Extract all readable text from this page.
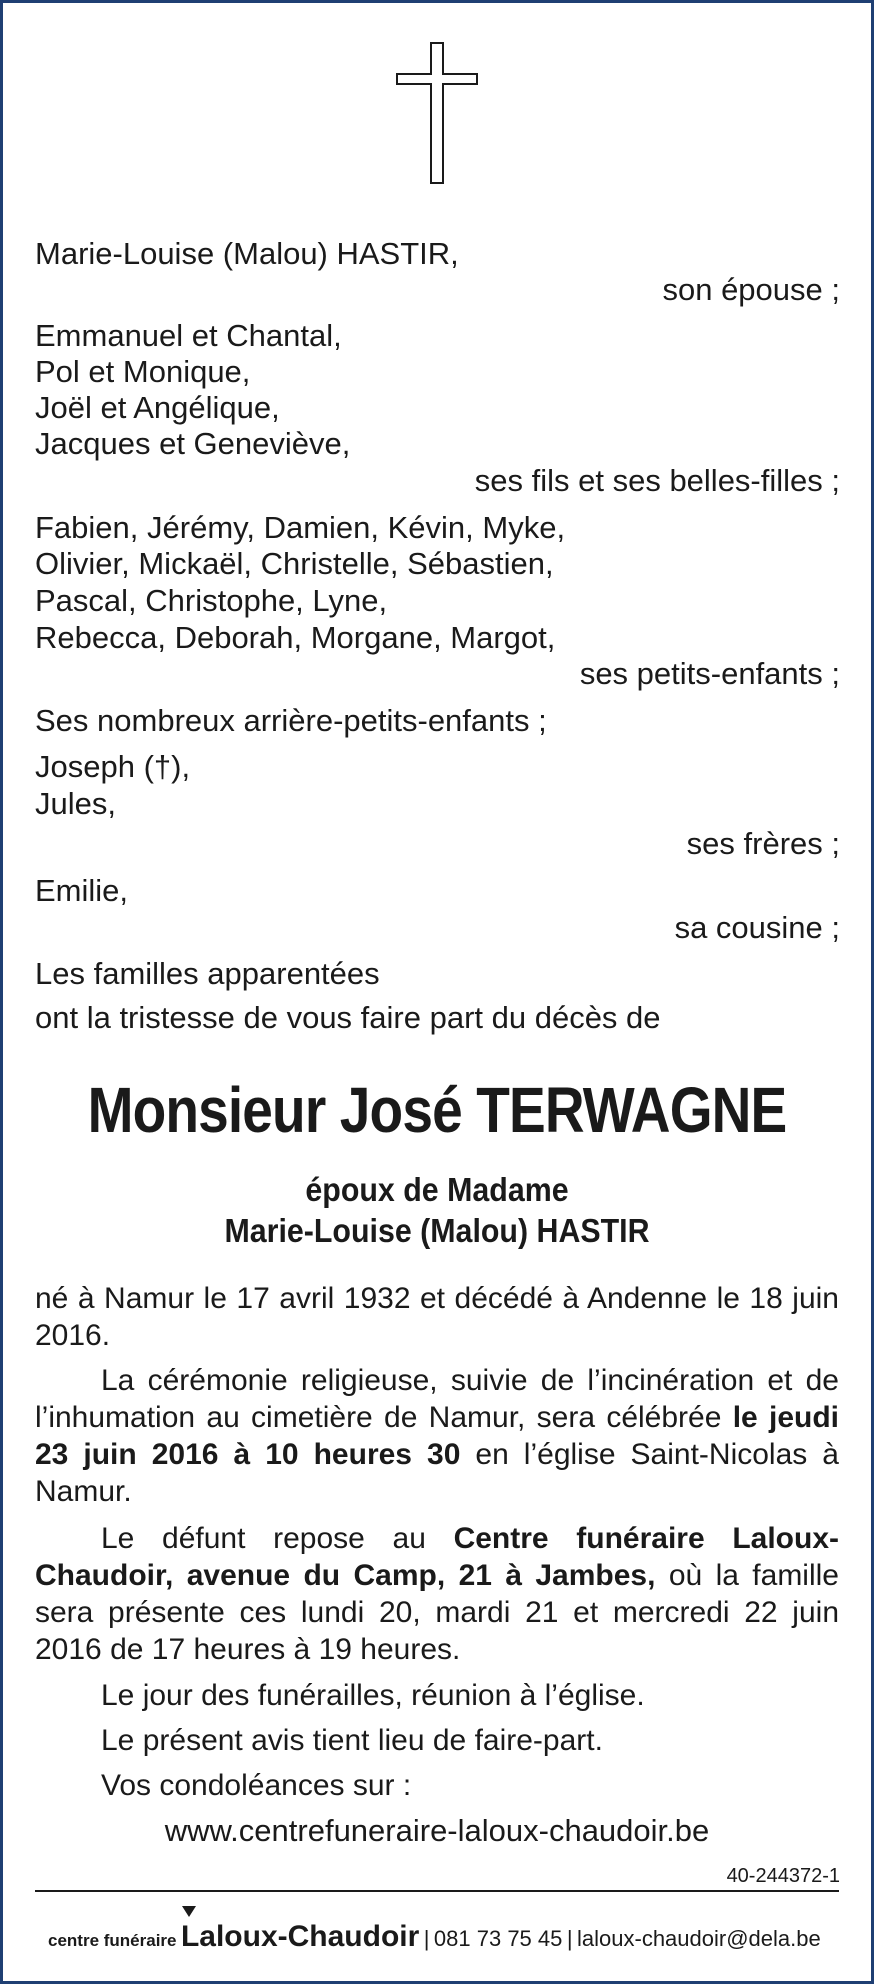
Marie-Louise (Malou) HASTIR,
son épouse ;
Emmanuel et Chantal,
Pol et Monique,
Joël et Angélique,
Jacques et Geneviève,
ses fils et ses belles-filles ;
Fabien, Jérémy, Damien, Kévin, Myke,
Olivier, Mickaël, Christelle, Sébastien,
Pascal, Christophe, Lyne,
Rebecca, Deborah, Morgane, Margot,
ses petits-enfants ;
Ses nombreux arrière-petits-enfants ;
Joseph (†),
Jules,
ses frères ;
Emilie,
sa cousine ;
Les familles apparentées
ont la tristesse de vous faire part du décès de
Monsieur José TERWAGNE
époux de Madame
Marie-Louise (Malou) HASTIR
né à Namur le 17 avril 1932 et décédé à Andenne le 18 juin 2016.
La cérémonie religieuse, suivie de l’incinération et de l’inhumation au cimetière de Namur, sera célébrée le jeudi 23 juin 2016 à 10 heures 30 en l’église Saint-Nicolas à Namur.
Le défunt repose au Centre funéraire Laloux-Chaudoir, avenue du Camp, 21 à Jambes, où la famille sera présente ces lundi 20, mardi 21 et mercredi 22 juin 2016 de 17 heures à 19 heures.
Le jour des funérailles, réunion à l’église.
Le présent avis tient lieu de faire-part.
Vos condoléances sur :
www.centrefuneraire-laloux-chaudoir.be
40-244372-1
centre funéraire Laloux-Chaudoir | 081 73 75 45 | laloux-chaudoir@dela.be
